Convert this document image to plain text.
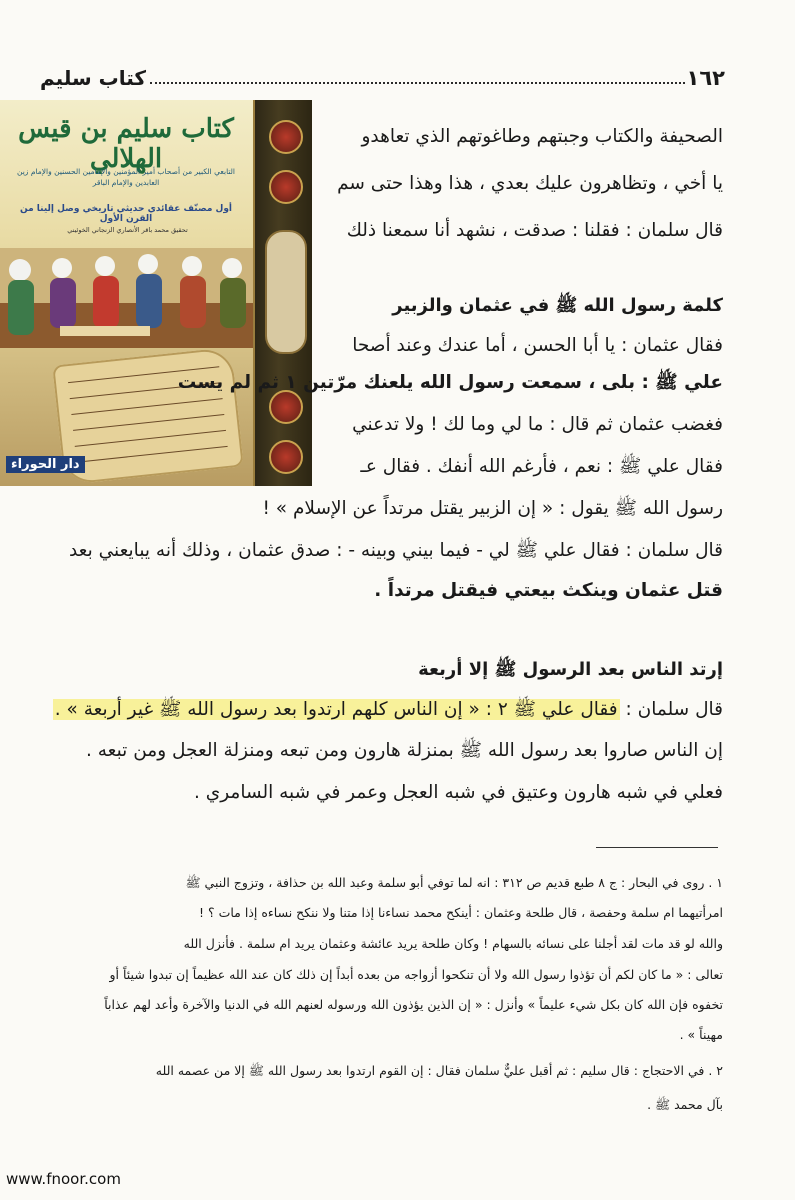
كتاب سليم	١٦٢
كتاب سليم بن قيس الهلالي
التابعي الكبير من أصحاب أمير المؤمنين والإمامين الحسنين والإمام زين العابدين والإمام الباقر
أول مصنّف عقائدي حديثي تاريخي وصل إلينا من القرن الأول
تحقيق محمد باقر الأنصاري الزنجاني الخوئيني
دار الحوراء
الصحيفة والكتاب وجبتهم وطاغوتهم الذي تعاهدو
يا أخي ، وتظاهرون عليك بعدي ، هذا وهذا حتى سم
قال سلمان : فقلنا : صدقت ، نشهد أنا سمعنا ذلك
كلمة رسول الله ﷺ في عثمان والزبير
فقال عثمان : يا أبا الحسن ، أما عندك وعند أصحا
علي ﷺ : بلى ، سمعت رسول الله يلعنك مرّتين ١ ثم لم يست
فغضب عثمان ثم قال : ما لي وما لك ! ولا تدعني
فقال علي ﷺ : نعم ، فأرغم الله أنفك . فقال عـ
رسول الله ﷺ يقول : « إن الزبير يقتل مرتداً عن الإسلام » !
قال سلمان : فقال علي ﷺ لي - فيما بيني وبينه - : صدق عثمان ، وذلك أنه يبايعني بعد
قتل عثمان وينكث بيعتي فيقتل مرتداً .
إرتد الناس بعد الرسول ﷺ إلا أربعة
قال سلمان : فقال علي ﷺ ٢ : « إن الناس كلهم ارتدوا بعد رسول الله ﷺ غير أربعة » .
إن الناس صاروا بعد رسول الله ﷺ بمنزلة هارون ومن تبعه ومنزلة العجل ومن تبعه .
فعلي في شبه هارون وعتيق في شبه العجل وعمر في شبه السامري .
١ . روى في البحار : ج ٨ طبع قديم ص ٣١٢ : انه لما توفي أبو سلمة وعبد الله بن حذافة ، وتزوج النبي ﷺ
امرأتيهما ام سلمة وحفصة ، قال طلحة وعثمان : أينكح محمد نساءنا إذا متنا ولا ننكح نساءه إذا مات ؟ !
والله لو قد مات لقد أجلنا على نسائه بالسهام ! وكان طلحة يريد عائشة وعثمان يريد ام سلمة . فأنزل الله
تعالى : « ما كان لكم أن تؤذوا رسول الله ولا أن تنكحوا أزواجه من بعده أبداً إن ذلك كان عند الله عظيماً إن تبدوا شيئاً أو
تخفوه فإن الله كان بكل شيء عليماً » وأنزل : « إن الذين يؤذون الله ورسوله لعنهم الله في الدنيا والآخرة وأعد لهم عذاباً
مهيناً » .
٢ . في الاحتجاج : قال سليم : ثم أقبل عليٌّ سلمان فقال : إن القوم ارتدوا بعد رسول الله ﷺ إلا من عصمه الله
بآل محمد ﷺ .
www.fnoor.com
